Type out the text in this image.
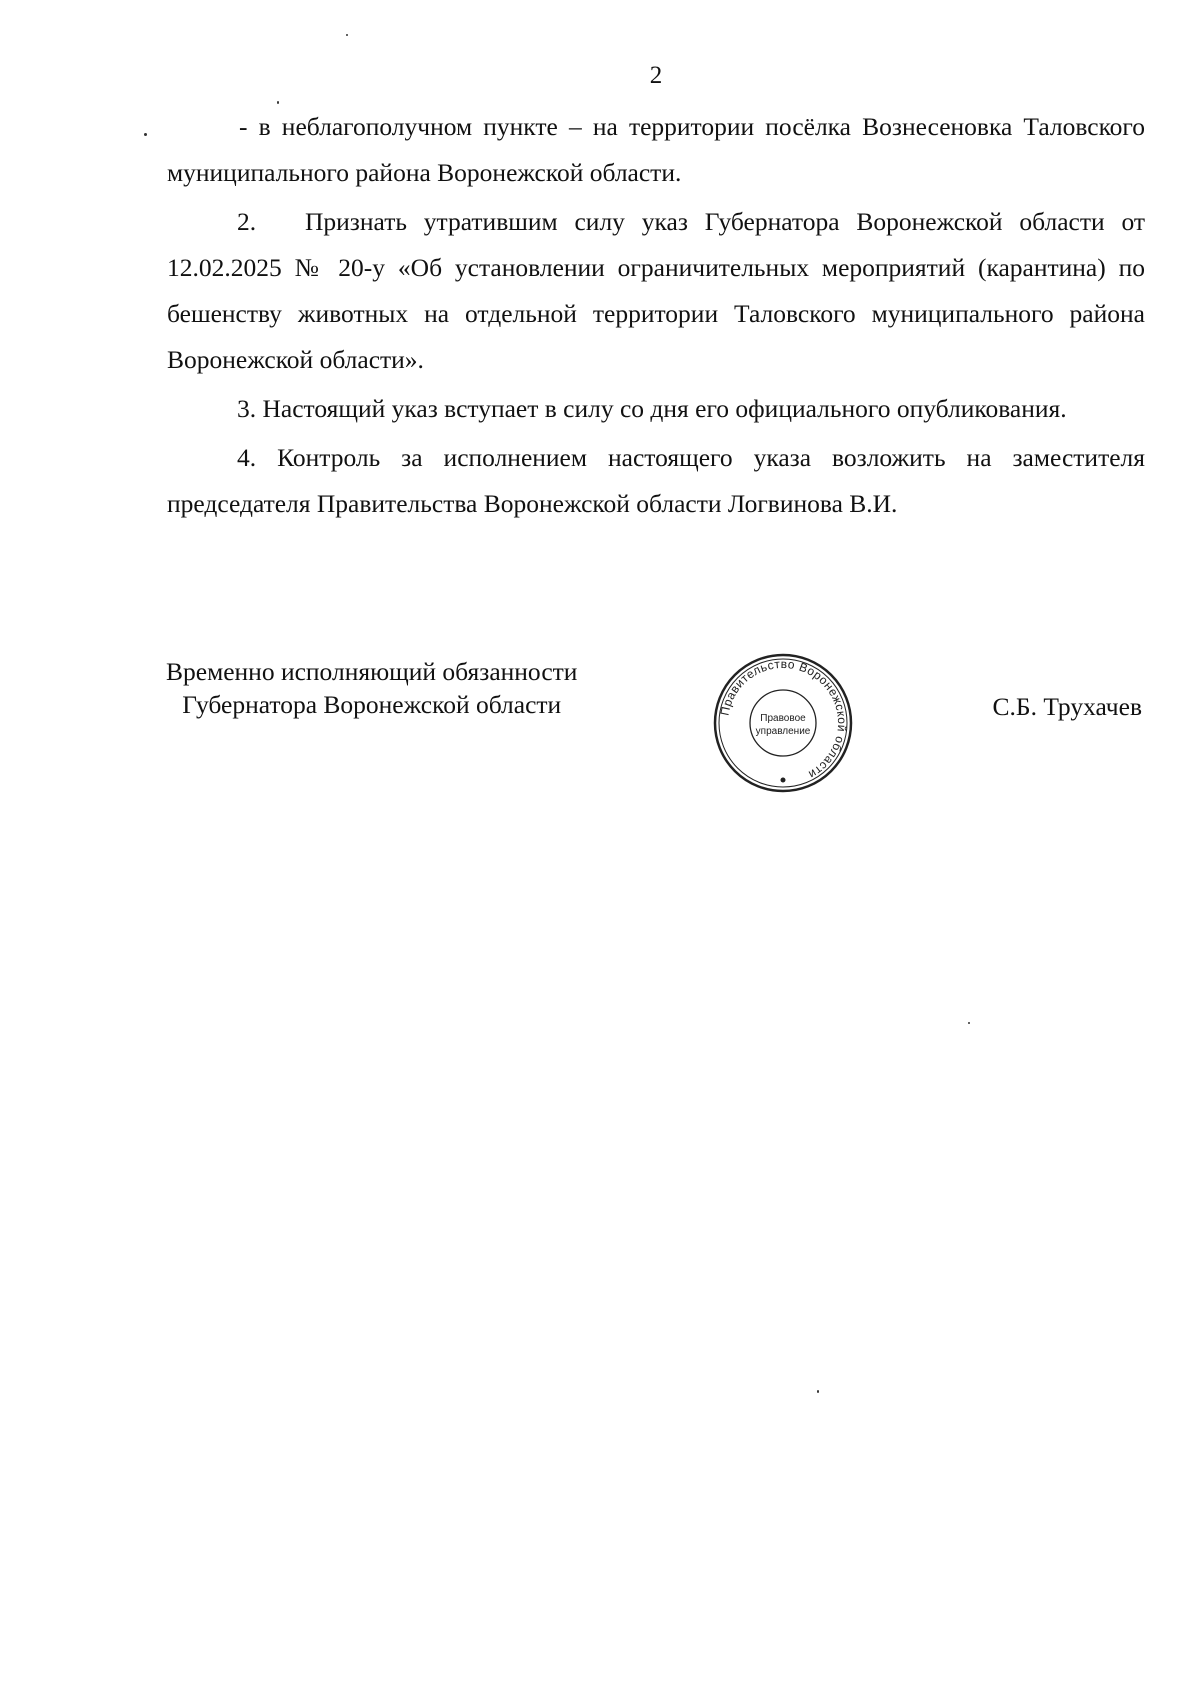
2

- в неблагополучном пункте – на территории посёлка Вознесеновка Таловского муниципального района Воронежской области.

2. Признать утратившим силу указ Губернатора Воронежской области от 12.02.2025 № 20-у «Об установлении ограничительных мероприятий (карантина) по бешенству животных на отдельной территории Таловского муниципального района Воронежской области».

3. Настоящий указ вступает в силу со дня его официального опубликования.

4. Контроль за исполнением настоящего указа возложить на заместителя председателя Правительства Воронежской области Логвинова В.И.

Временно исполняющий обязанности
Губернатора Воронежской области	Правительство Воронежской области
Правовое
управление
С.Б. Трухачев
